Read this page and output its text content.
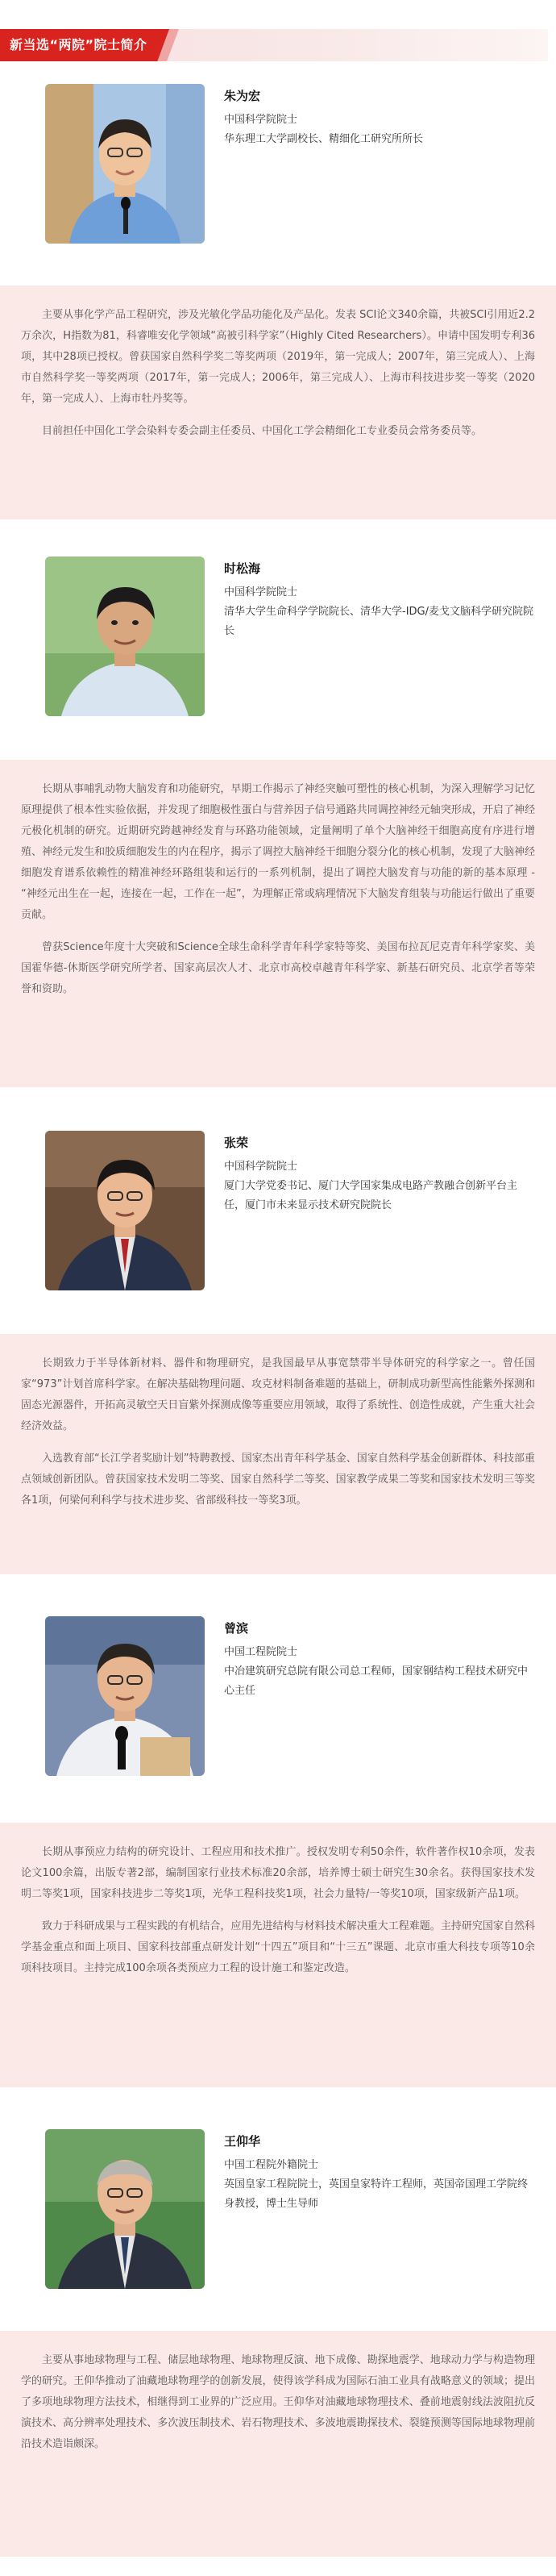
新当选“两院”院士简介
朱为宏
中国科学院院士
华东理工大学副校长、精细化工研究所所长

主要从事化学产品工程研究，涉及光敏化学品功能化及产品化。发表 SCI论文340余篇，共被SCI引用近2.2万余次，H指数为81，科睿唯安化学领域“高被引科学家”（Highly Cited Researchers）。申请中国发明专利36项，其中28项已授权。曾获国家自然科学奖二等奖两项（2019年，第一完成人；2007年，第三完成人）、上海市自然科学奖一等奖两项（2017年，第一完成人；2006年，第三完成人）、上海市科技进步奖一等奖（2020年，第一完成人）、上海市牡丹奖等。

目前担任中国化工学会染料专委会副主任委员、中国化工学会精细化工专业委员会常务委员等。

时松海
中国科学院院士
清华大学生命科学学院院长、清华大学-IDG/麦戈文脑科学研究院院长

长期从事哺乳动物大脑发育和功能研究，早期工作揭示了神经突触可塑性的核心机制，为深入理解学习记忆原理提供了根本性实验依据，并发现了细胞极性蛋白与营养因子信号通路共同调控神经元轴突形成，开启了神经元极化机制的研究。近期研究跨越神经发育与环路功能领域，定量阐明了单个大脑神经干细胞高度有序进行增殖、神经元发生和胶质细胞发生的内在程序，揭示了调控大脑神经干细胞分裂分化的核心机制，发现了大脑神经细胞发育谱系依赖性的精准神经环路组装和运行的一系列机制，提出了调控大脑发育与功能的新的基本原理 - “神经元出生在一起，连接在一起，工作在一起”，为理解正常或病理情况下大脑发育组装与功能运行做出了重要贡献。

曾获Science年度十大突破和Science全球生命科学青年科学家特等奖、美国布拉瓦尼克青年科学家奖、美国霍华德-休斯医学研究所学者、国家高层次人才、北京市高校卓越青年科学家、新基石研究员、北京学者等荣誉和资助。

张荣
中国科学院院士
厦门大学党委书记、厦门大学国家集成电路产教融合创新平台主任，厦门市未来显示技术研究院院长

长期致力于半导体新材料、器件和物理研究，是我国最早从事宽禁带半导体研究的科学家之一。曾任国家“973”计划首席科学家。在解决基础物理问题、攻克材料制备难题的基础上，研制成功新型高性能紫外探测和固态光源器件，开拓高灵敏空天日盲紫外探测成像等重要应用领域，取得了系统性、创造性成就，产生重大社会经济效益。

入选教育部“长江学者奖励计划”特聘教授、国家杰出青年科学基金、国家自然科学基金创新群体、科技部重点领域创新团队。曾获国家技术发明二等奖、国家自然科学二等奖、国家教学成果二等奖和国家技术发明三等奖各1项，何梁何利科学与技术进步奖、省部级科技一等奖3项。

曾滨
中国工程院院士
中冶建筑研究总院有限公司总工程师，国家钢结构工程技术研究中心主任

长期从事预应力结构的研究设计、工程应用和技术推广。授权发明专利50余件，软件著作权10余项，发表论文100余篇，出版专著2部，编制国家行业技术标准20余部，培养博士硕士研究生30余名。获得国家技术发明二等奖1项，国家科技进步二等奖1项，光华工程科技奖1项，社会力量特/一等奖10项，国家级新产品1项。

致力于科研成果与工程实践的有机结合，应用先进结构与材料技术解决重大工程难题。主持研究国家自然科学基金重点和面上项目、国家科技部重点研发计划“十四五”项目和“十三五”课题、北京市重大科技专项等10余项科技项目。主持完成100余项各类预应力工程的设计施工和鉴定改造。

王仰华
中国工程院外籍院士
英国皇家工程院院士，英国皇家特许工程师，英国帝国理工学院终身教授，博士生导师

主要从事地球物理与工程、储层地球物理、地球物理反演、地下成像、勘探地震学、地球动力学与构造物理学的研究。王仰华推动了油藏地球物理学的创新发展，使得该学科成为国际石油工业具有战略意义的领域；提出了多项地球物理方法技术，相继得到工业界的广泛应用。王仰华对油藏地球物理技术、叠前地震射线法波阻抗反演技术、高分辨率处理技术、多次波压制技术、岩石物理技术、多波地震勘探技术、裂缝预测等国际地球物理前沿技术造诣颇深。
